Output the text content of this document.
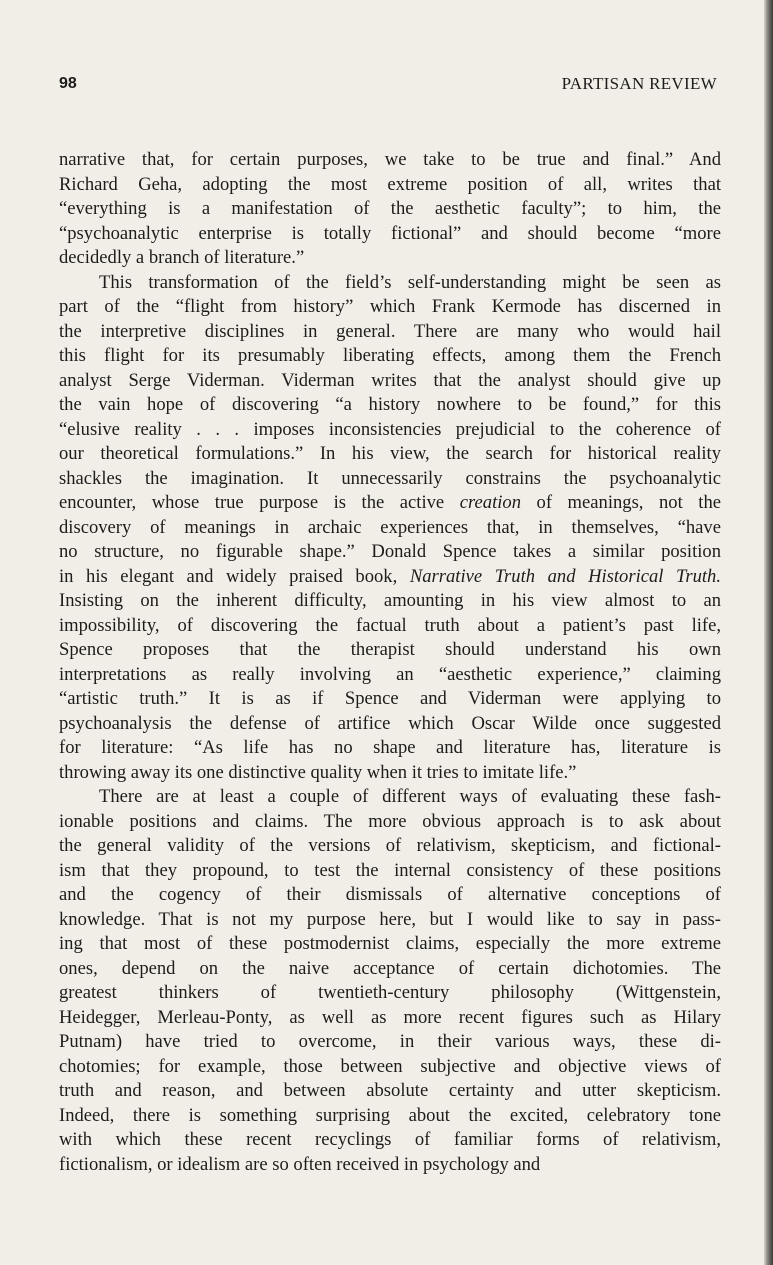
98	PARTISAN REVIEW
narrative that, for certain purposes, we take to be true and final.” And
Richard Geha, adopting the most extreme position of all, writes that
“everything is a manifestation of the aesthetic faculty”; to him, the
“psychoanalytic enterprise is totally fictional” and should become “more
decidedly a branch of literature.”
This transformation of the field’s self-understanding might be seen as
part of the “flight from history” which Frank Kermode has discerned in
the interpretive disciplines in general. There are many who would hail
this flight for its presumably liberating effects, among them the French
analyst Serge Viderman. Viderman writes that the analyst should give up
the vain hope of discovering “a history nowhere to be found,” for this
“elusive reality . . . imposes inconsistencies prejudicial to the coherence of
our theoretical formulations.” In his view, the search for historical reality
shackles the imagination. It unnecessarily constrains the psychoanalytic
encounter, whose true purpose is the active creation of meanings, not the
discovery of meanings in archaic experiences that, in themselves, “have
no structure, no figurable shape.” Donald Spence takes a similar position
in his elegant and widely praised book, Narrative Truth and Historical Truth.
Insisting on the inherent difficulty, amounting in his view almost to an
impossibility, of discovering the factual truth about a patient’s past life,
Spence proposes that the therapist should understand his own
interpretations as really involving an “aesthetic experience,” claiming
“artistic truth.” It is as if Spence and Viderman were applying to
psychoanalysis the defense of artifice which Oscar Wilde once suggested
for literature: “As life has no shape and literature has, literature is
throwing away its one distinctive quality when it tries to imitate life.”
There are at least a couple of different ways of evaluating these fash-
ionable positions and claims. The more obvious approach is to ask about
the general validity of the versions of relativism, skepticism, and fictional-
ism that they propound, to test the internal consistency of these positions
and the cogency of their dismissals of alternative conceptions of
knowledge. That is not my purpose here, but I would like to say in pass-
ing that most of these postmodernist claims, especially the more extreme
ones, depend on the naive acceptance of certain dichotomies. The
greatest thinkers of twentieth-century philosophy (Wittgenstein,
Heidegger, Merleau-Ponty, as well as more recent figures such as Hilary
Putnam) have tried to overcome, in their various ways, these di-
chotomies; for example, those between subjective and objective views of
truth and reason, and between absolute certainty and utter skepticism.
Indeed, there is something surprising about the excited, celebratory tone
with which these recent recyclings of familiar forms of relativism,
fictionalism, or idealism are so often received in psychology and
